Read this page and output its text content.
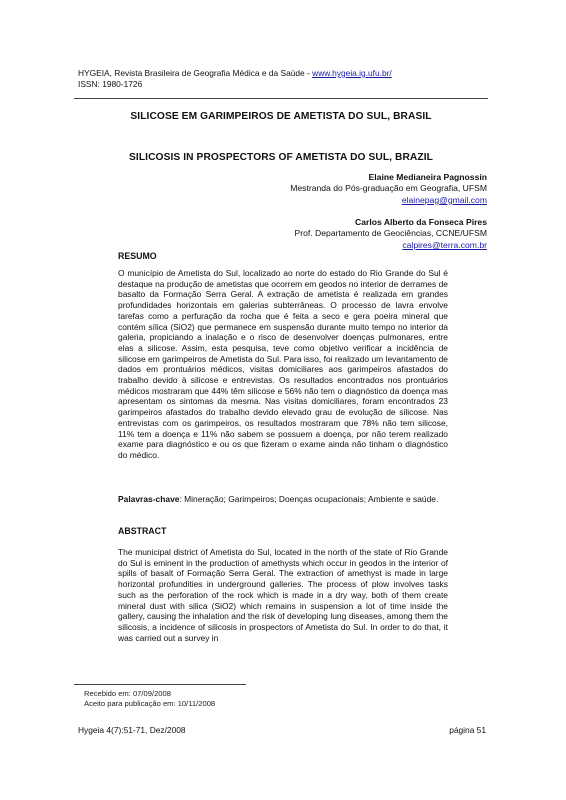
HYGEIA, Revista Brasileira de Geografia Médica e da Saúde - www.hygeia.ig.ufu.br/
ISSN: 1980-1726
SILICOSE EM GARIMPEIROS DE AMETISTA DO SUL, BRASIL
SILICOSIS IN PROSPECTORS OF AMETISTA DO SUL, BRAZIL
Elaine Medianeira Pagnossin
Mestranda do Pós-graduação em Geografia, UFSM
elainepag@gmail.com
Carlos Alberto da Fonseca Pires
Prof. Departamento de Geociências, CCNE/UFSM
calpires@terra.com.br
RESUMO
O município de Ametista do Sul, localizado ao norte do estado do Rio Grande do Sul é destaque na produção de ametistas que ocorrem em geodos no interior de derrames de basalto da Formação Serra Geral. A extração de ametista é realizada em grandes profundidades horizontais em galerias subterrâneas. O processo de lavra envolve tarefas como a perfuração da rocha que é feita a seco e gera poeira mineral que contém sílica (SiO2) que permanece em suspensão durante muito tempo no interior da galeria, propiciando a inalação e o risco de desenvolver doenças pulmonares, entre elas a silicose. Assim, esta pesquisa, teve como objetivo verificar a incidência de silicose em garimpeiros de Ametista do Sul. Para isso, foi realizado um levantamento de dados em prontuários médicos, visitas domiciliares aos garimpeiros afastados do trabalho devido à silicose e entrevistas. Os resultados encontrados nos prontuários médicos mostraram que 44% têm silicose e 56% não tem o diagnóstico da doença mas apresentam os sintomas da mesma. Nas visitas domiciliares, foram encontrados 23 garimpeiros afastados do trabalho devido elevado grau de evolução de silicose. Nas entrevistas com os garimpeiros, os resultados mostraram que 78% não tem silicose, 11% tem a doença e 11% não sabem se possuem a doença, por não terem realizado exame para diagnóstico e ou os que fizeram o exame ainda não tinham o diagnóstico do médico.
Palavras-chave: Mineração; Garimpeiros; Doenças ocupacionais; Ambiente e saúde.
ABSTRACT
The municipal district of Ametista do Sul, located in the north of the state of Rio Grande do Sul is eminent in the production of amethysts which occur in geodos in the interior of spills of basalt of Formação Serra Geral. The extraction of amethyst is made in large horizontal profundities in underground galleries. The process of plow involves tasks such as the perforation of the rock which is made in a dry way, both of them create mineral dust with silica (SiO2) which remains in suspension a lot of time inside the gallery, causing the inhalation and the risk of developing lung diseases, among them the silicosis, a incidence of silicosis in prospectors of Ametista do Sul. In order to do that, it was carried out a survey in
Recebido em: 07/09/2008
Aceito para publicação em: 10/11/2008
Hygeia 4(7):51-71, Dez/2008	página 51
